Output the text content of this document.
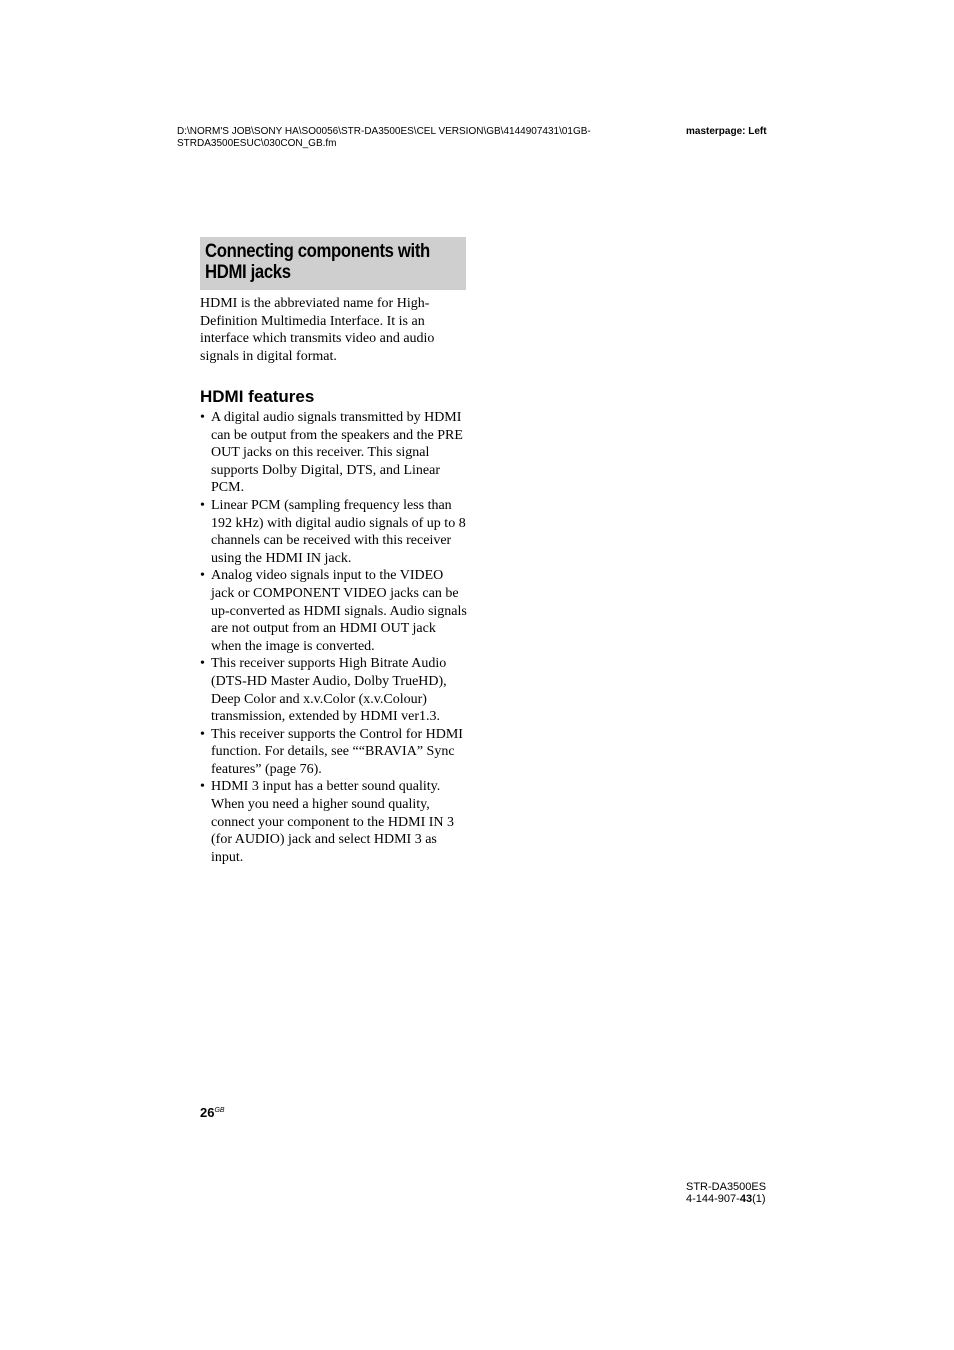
D:\NORM'S JOB\SONY HA\SO0056\STR-DA3500ES\CEL VERSION\GB\4144907431\01GB-
STRDA3500ESUC\030CON_GB.fm
masterpage: Left
Connecting components with HDMI jacks

HDMI is the abbreviated name for High-Definition Multimedia Interface. It is an interface which transmits video and audio signals in digital format.

HDMI features
• A digital audio signals transmitted by HDMI can be output from the speakers and the PRE OUT jacks on this receiver. This signal supports Dolby Digital, DTS, and Linear PCM.
• Linear PCM (sampling frequency less than 192 kHz) with digital audio signals of up to 8 channels can be received with this receiver using the HDMI IN jack.
• Analog video signals input to the VIDEO jack or COMPONENT VIDEO jacks can be up-converted as HDMI signals. Audio signals are not output from an HDMI OUT jack when the image is converted.
• This receiver supports High Bitrate Audio (DTS-HD Master Audio, Dolby TrueHD), Deep Color and x.v.Color (x.v.Colour) transmission, extended by HDMI ver1.3.
• This receiver supports the Control for HDMI function. For details, see ““BRAVIA” Sync features” (page 76).
• HDMI 3 input has a better sound quality. When you need a higher sound quality, connect your component to the HDMI IN 3 (for AUDIO) jack and select HDMI 3 as input.
$26^{GB}$
STR-DA3500ES
4-144-907-43(1)
